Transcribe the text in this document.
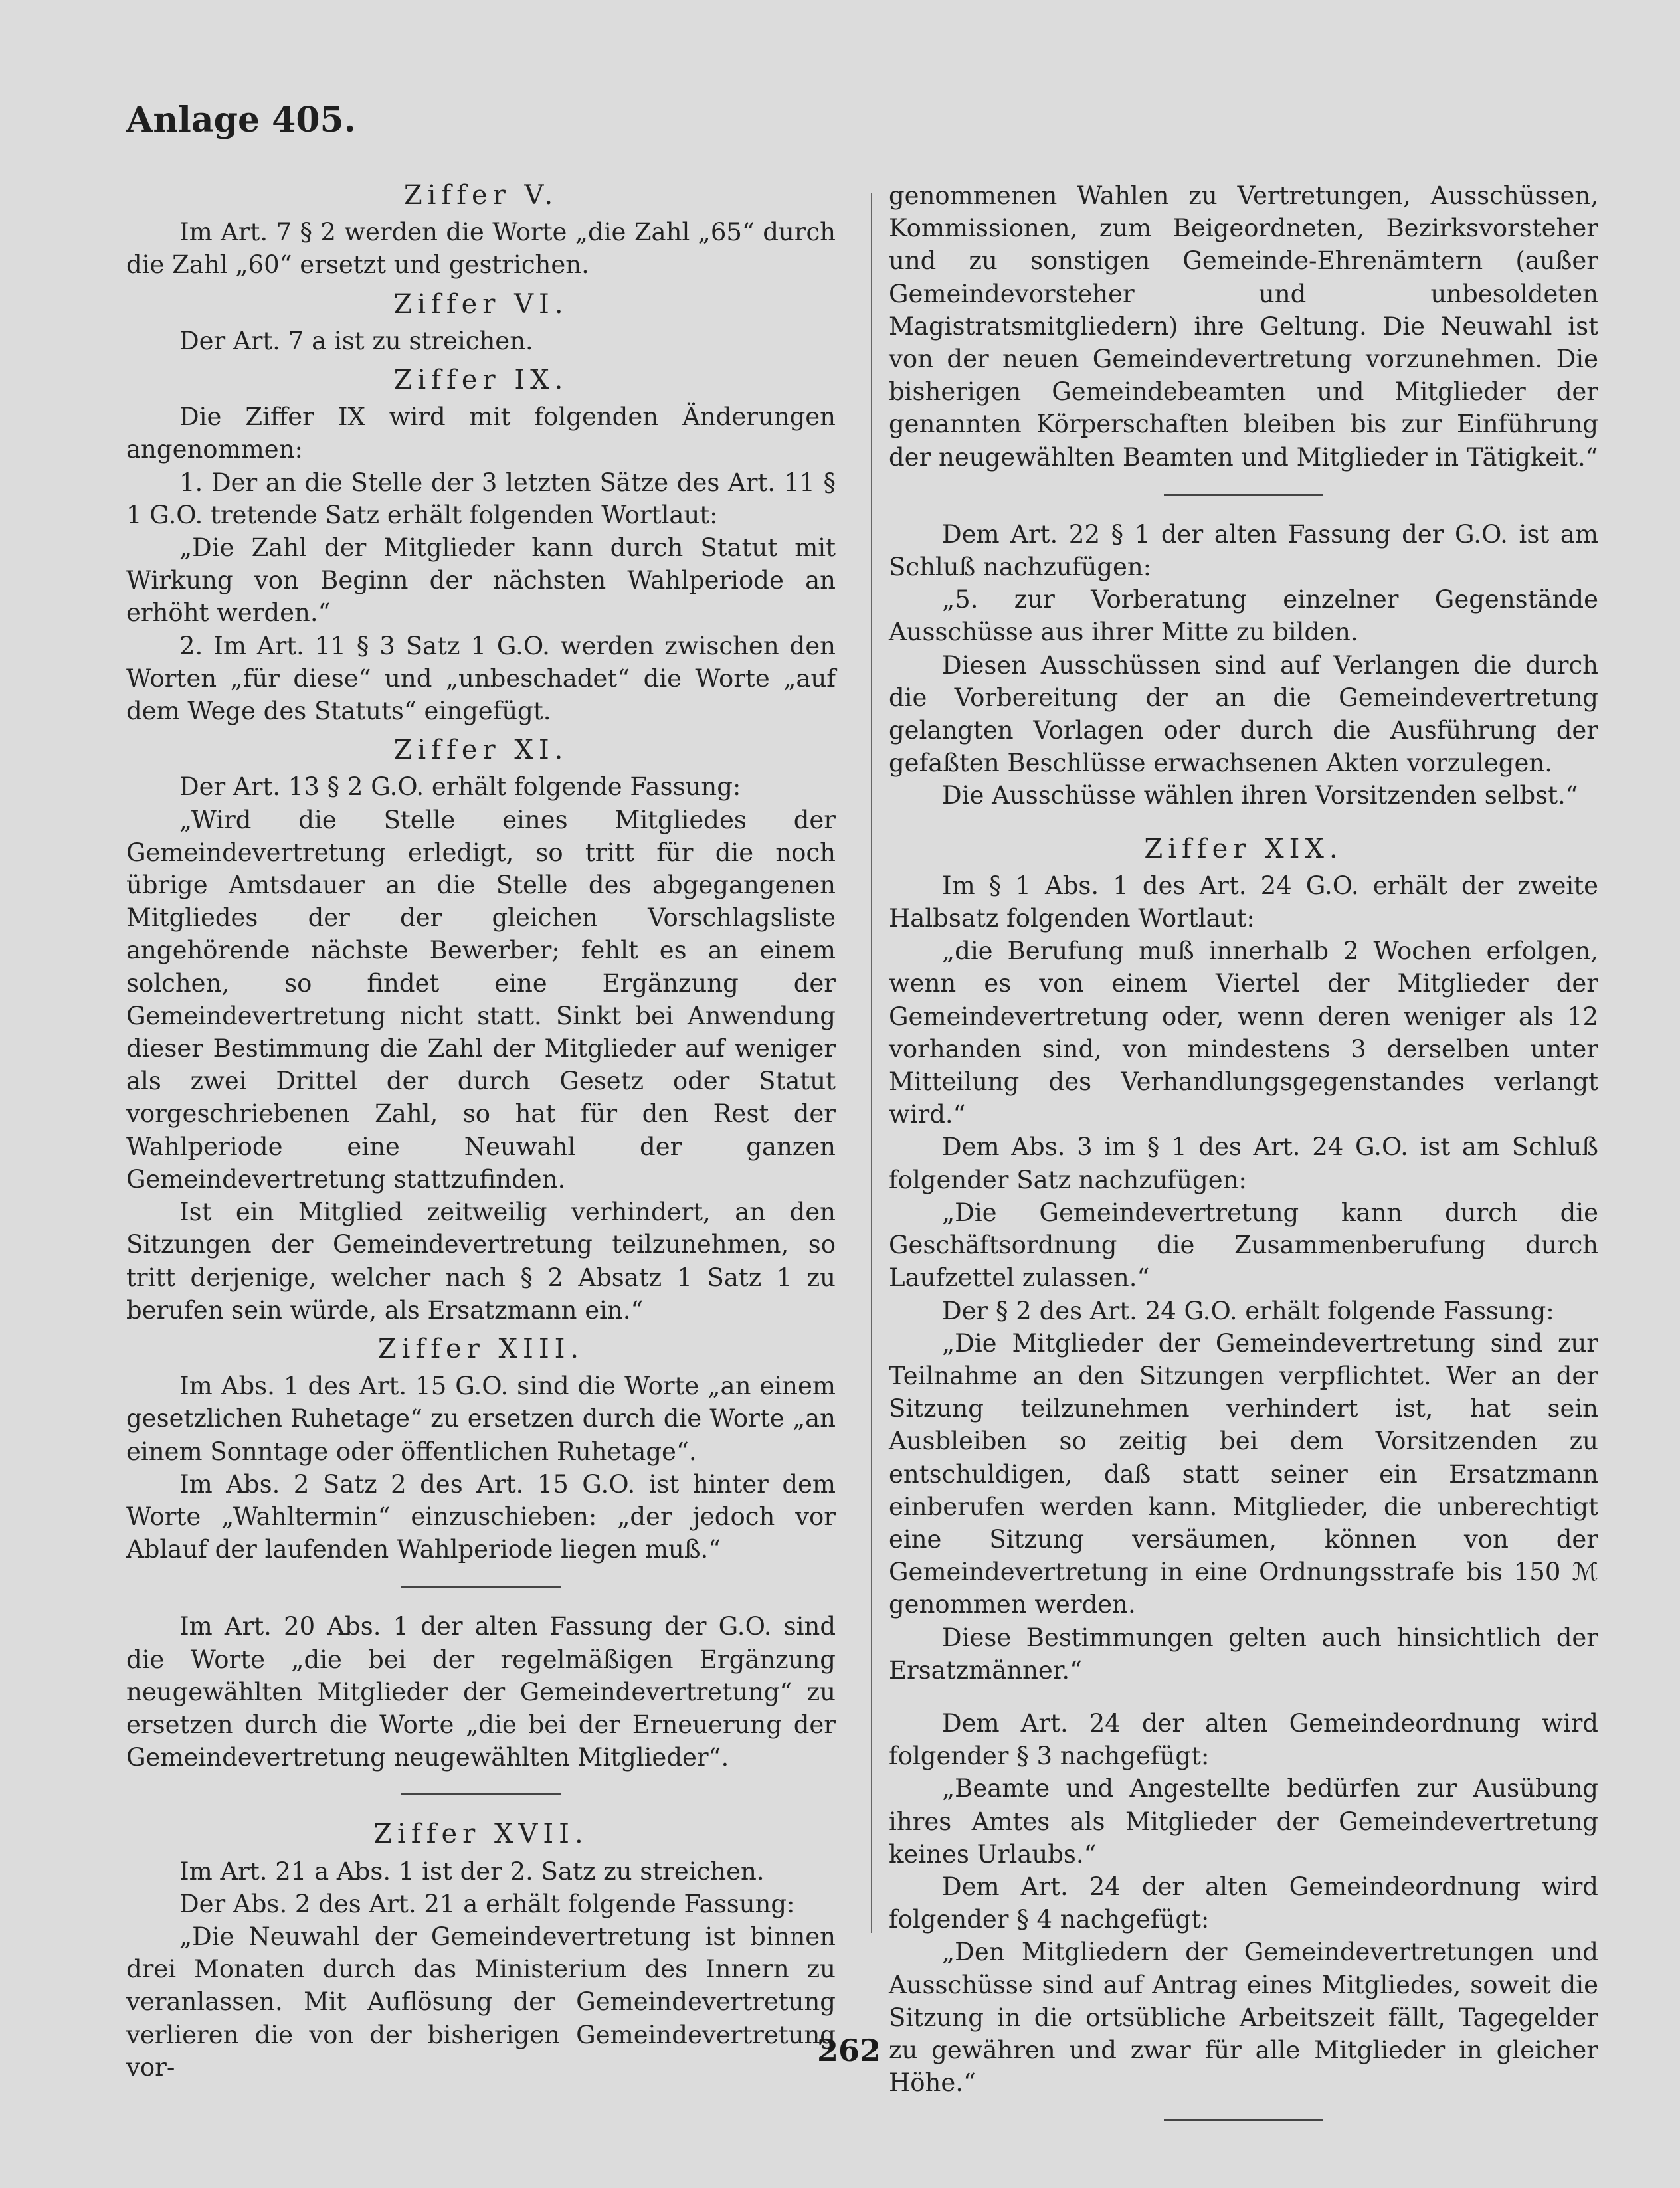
Anlage 405.
Ziffer V.

Im Art. 7 § 2 werden die Worte „die Zahl „65“ durch die Zahl „60“ ersetzt und gestrichen.

Ziffer VI.

Der Art. 7 a ist zu streichen.

Ziffer IX.

Die Ziffer IX wird mit folgenden Änderungen angenommen:

1. Der an die Stelle der 3 letzten Sätze des Art. 11 § 1 G.O. tretende Satz erhält folgenden Wortlaut:

„Die Zahl der Mitglieder kann durch Statut mit Wirkung von Beginn der nächsten Wahlperiode an erhöht werden.“

2. Im Art. 11 § 3 Satz 1 G.O. werden zwischen den Worten „für diese“ und „unbeschadet“ die Worte „auf dem Wege des Statuts“ eingefügt.

Ziffer XI.

Der Art. 13 § 2 G.O. erhält folgende Fassung:

„Wird die Stelle eines Mitgliedes der Gemeindevertretung erledigt, so tritt für die noch übrige Amtsdauer an die Stelle des abgegangenen Mitgliedes der der gleichen Vorschlagsliste angehörende nächste Bewerber; fehlt es an einem solchen, so findet eine Ergänzung der Gemeindevertretung nicht statt. Sinkt bei Anwendung dieser Bestimmung die Zahl der Mitglieder auf weniger als zwei Drittel der durch Gesetz oder Statut vorgeschriebenen Zahl, so hat für den Rest der Wahlperiode eine Neuwahl der ganzen Gemeindevertretung stattzufinden.

Ist ein Mitglied zeitweilig verhindert, an den Sitzungen der Gemeindevertretung teilzunehmen, so tritt derjenige, welcher nach § 2 Absatz 1 Satz 1 zu berufen sein würde, als Ersatzmann ein.“

Ziffer XIII.

Im Abs. 1 des Art. 15 G.O. sind die Worte „an einem gesetzlichen Ruhetage“ zu ersetzen durch die Worte „an einem Sonntage oder öffentlichen Ruhetage“.

Im Abs. 2 Satz 2 des Art. 15 G.O. ist hinter dem Worte „Wahltermin“ einzuschieben: „der jedoch vor Ablauf der laufenden Wahlperiode liegen muß.“

Im Art. 20 Abs. 1 der alten Fassung der G.O. sind die Worte „die bei der regelmäßigen Ergänzung neugewählten Mitglieder der Gemeindevertretung“ zu ersetzen durch die Worte „die bei der Erneuerung der Gemeindevertretung neugewählten Mitglieder“.

Ziffer XVII.

Im Art. 21 a Abs. 1 ist der 2. Satz zu streichen.

Der Abs. 2 des Art. 21 a erhält folgende Fassung:

„Die Neuwahl der Gemeindevertretung ist binnen drei Monaten durch das Ministerium des Innern zu veranlassen. Mit Auflösung der Gemeindevertretung verlieren die von der bisherigen Gemeindevertretung vor-

genommenen Wahlen zu Vertretungen, Ausschüssen, Kommissionen, zum Beigeordneten, Bezirksvorsteher und zu sonstigen Gemeinde-Ehrenämtern (außer Gemeindevorsteher und unbesoldeten Magistratsmitgliedern) ihre Geltung. Die Neuwahl ist von der neuen Gemeindevertretung vorzunehmen. Die bisherigen Gemeindebeamten und Mitglieder der genannten Körperschaften bleiben bis zur Einführung der neugewählten Beamten und Mitglieder in Tätigkeit.“

Dem Art. 22 § 1 der alten Fassung der G.O. ist am Schluß nachzufügen:

„5. zur Vorberatung einzelner Gegenstände Ausschüsse aus ihrer Mitte zu bilden.

Diesen Ausschüssen sind auf Verlangen die durch die Vorbereitung der an die Gemeindevertretung gelangten Vorlagen oder durch die Ausführung der gefaßten Beschlüsse erwachsenen Akten vorzulegen.

Die Ausschüsse wählen ihren Vorsitzenden selbst.“

Ziffer XIX.

Im § 1 Abs. 1 des Art. 24 G.O. erhält der zweite Halbsatz folgenden Wortlaut:

„die Berufung muß innerhalb 2 Wochen erfolgen, wenn es von einem Viertel der Mitglieder der Gemeindevertretung oder, wenn deren weniger als 12 vorhanden sind, von mindestens 3 derselben unter Mitteilung des Verhandlungsgegenstandes verlangt wird.“

Dem Abs. 3 im § 1 des Art. 24 G.O. ist am Schluß folgender Satz nachzufügen:

„Die Gemeindevertretung kann durch die Geschäftsordnung die Zusammenberufung durch Laufzettel zulassen.“

Der § 2 des Art. 24 G.O. erhält folgende Fassung:

„Die Mitglieder der Gemeindevertretung sind zur Teilnahme an den Sitzungen verpflichtet. Wer an der Sitzung teilzunehmen verhindert ist, hat sein Ausbleiben so zeitig bei dem Vorsitzenden zu entschuldigen, daß statt seiner ein Ersatzmann einberufen werden kann. Mitglieder, die unberechtigt eine Sitzung versäumen, können von der Gemeindevertretung in eine Ordnungsstrafe bis 150 ℳ genommen werden.

Diese Bestimmungen gelten auch hinsichtlich der Ersatzmänner.“

Dem Art. 24 der alten Gemeindeordnung wird folgender § 3 nachgefügt:

„Beamte und Angestellte bedürfen zur Ausübung ihres Amtes als Mitglieder der Gemeindevertretung keines Urlaubs.“

Dem Art. 24 der alten Gemeindeordnung wird folgender § 4 nachgefügt:

„Den Mitgliedern der Gemeindevertretungen und Ausschüsse sind auf Antrag eines Mitgliedes, soweit die Sitzung in die ortsübliche Arbeitszeit fällt, Tagegelder zu gewähren und zwar für alle Mitglieder in gleicher Höhe.“

262
